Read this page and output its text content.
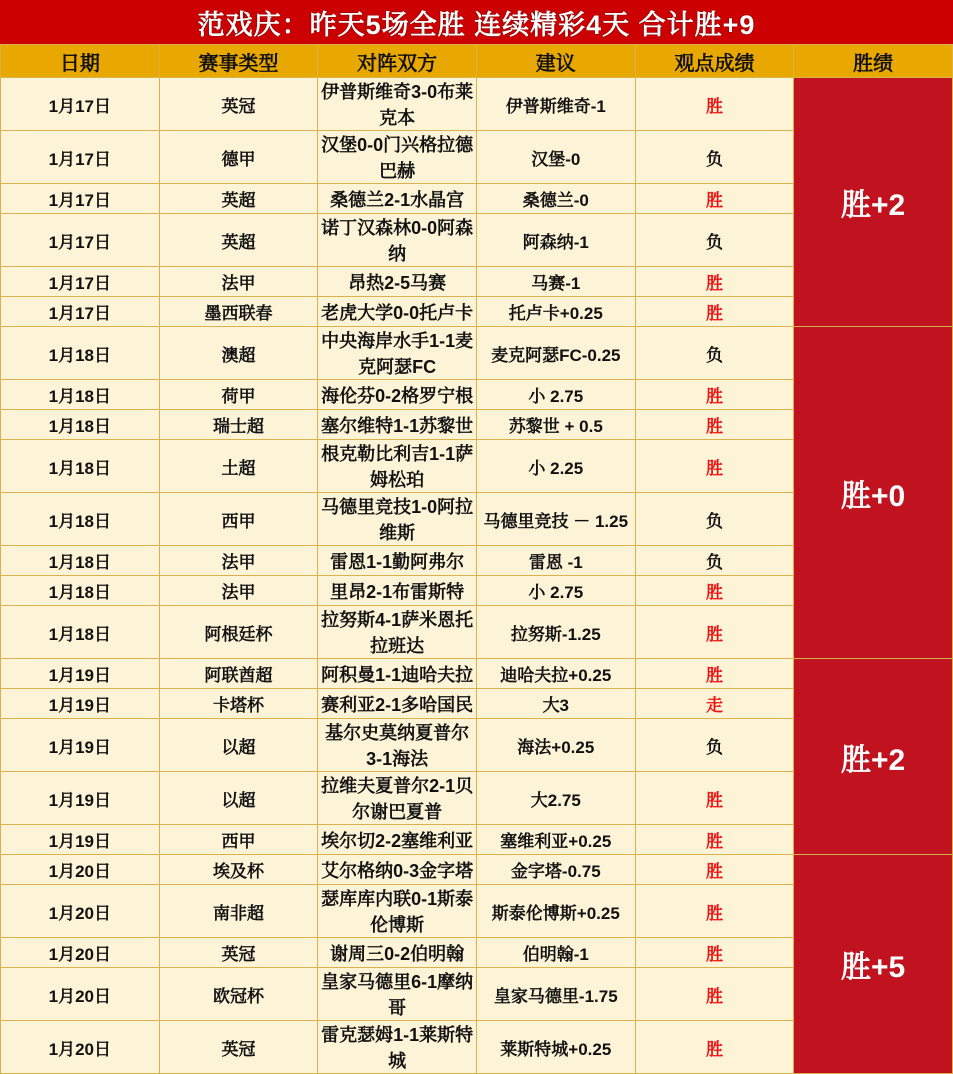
范戏庆：昨天5场全胜 连续精彩4天 合计胜+9
日期	赛事类型	对阵双方	建议	观点成绩	胜绩
1月17日	英冠	伊普斯维奇3-0布莱克本	伊普斯维奇-1	胜	胜+2
1月17日	德甲	汉堡0-0门兴格拉德巴赫	汉堡-0	负	
1月17日	英超	桑德兰2-1水晶宫	桑德兰-0	胜	
1月17日	英超	诺丁汉森林0-0阿森纳	阿森纳-1	负	
1月17日	法甲	昂热2-5马赛	马赛-1	胜	
1月17日	墨西联春	老虎大学0-0托卢卡	托卢卡+0.25	胜	
1月18日	澳超	中央海岸水手1-1麦克阿瑟FC	麦克阿瑟FC-0.25	负	胜+0
1月18日	荷甲	海伦芬0-2格罗宁根	小 2.75	胜	
1月18日	瑞士超	塞尔维特1-1苏黎世	苏黎世 + 0.5	胜	
1月18日	土超	根克勒比利吉1-1萨姆松珀	小 2.25	胜	
1月18日	西甲	马德里竞技1-0阿拉维斯	马德里竞技 － 1.25	负	
1月18日	法甲	雷恩1-1勤阿弗尔	雷恩 -1	负	
1月18日	法甲	里昂2-1布雷斯特	小 2.75	胜	
1月18日	阿根廷杯	拉努斯4-1萨米恩托拉班达	拉努斯-1.25	胜	
1月19日	阿联酋超	阿积曼1-1迪哈夫拉	迪哈夫拉+0.25	胜	胜+2
1月19日	卡塔杯	赛利亚2-1多哈国民	大3	走	
1月19日	以超	基尔史莫纳夏普尔3-1海法	海法+0.25	负	
1月19日	以超	拉维夫夏普尔2-1贝尔谢巴夏普	大2.75	胜	
1月19日	西甲	埃尔切2-2塞维利亚	塞维利亚+0.25	胜	
1月20日	埃及杯	艾尔格纳0-3金字塔	金字塔-0.75	胜	胜+5
1月20日	南非超	瑟库库内联0-1斯泰伦博斯	斯泰伦博斯+0.25	胜	
1月20日	英冠	谢周三0-2伯明翰	伯明翰-1	胜	
1月20日	欧冠杯	皇家马德里6-1摩纳哥	皇家马德里-1.75	胜	
1月20日	英冠	雷克瑟姆1-1莱斯特城	莱斯特城+0.25	胜	
